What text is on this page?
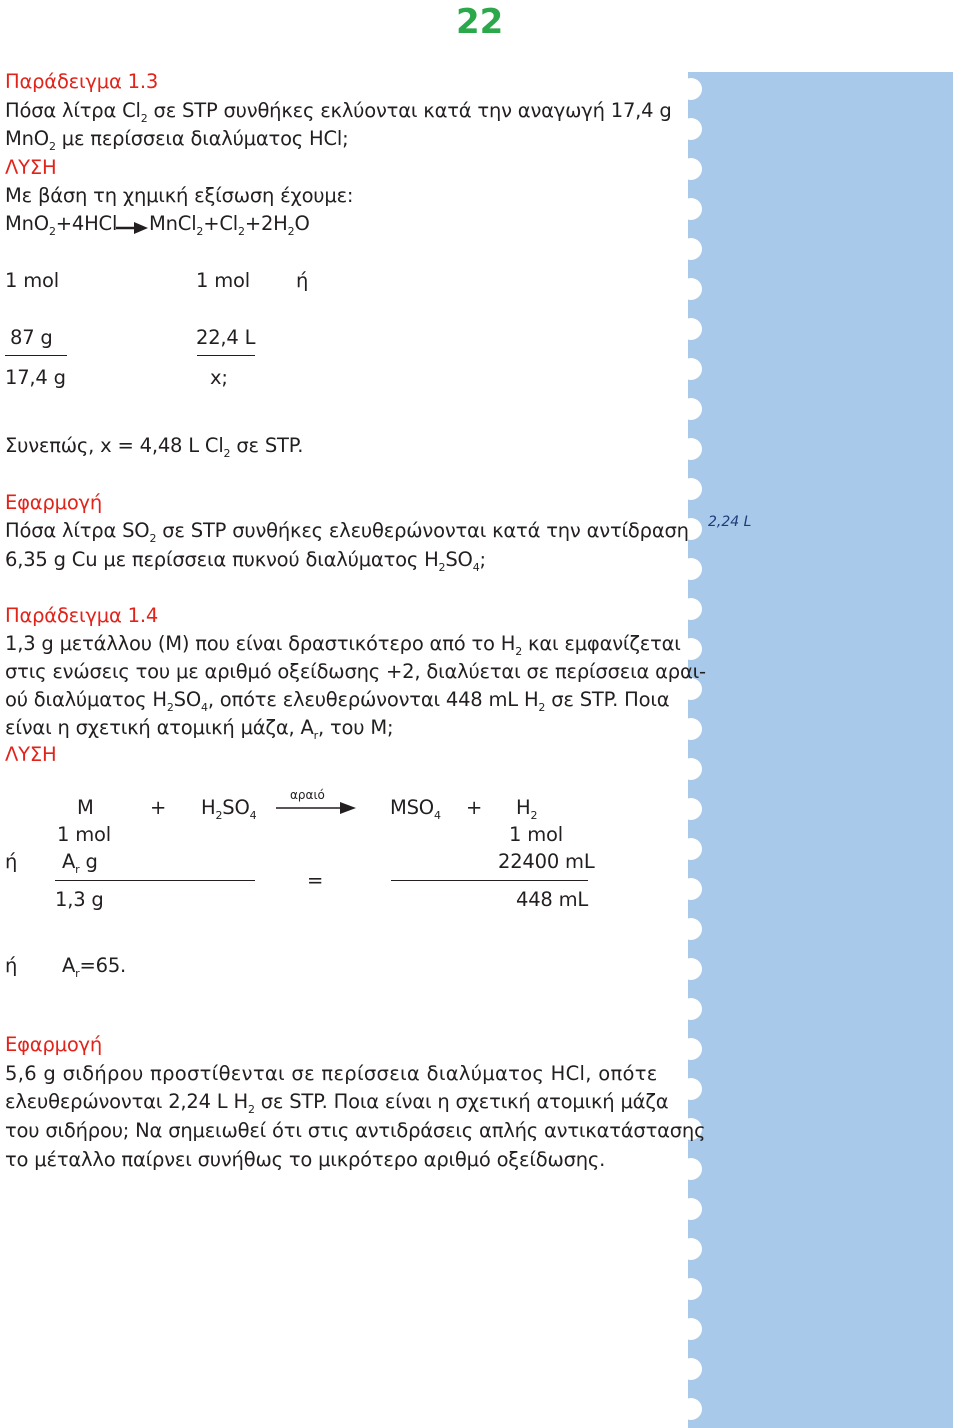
22
2,24 L
Παράδειγμα 1.3
Πόσα λίτρα $Cl_2$ σε STP συνθήκες εκλύονται κατά την αναγωγή 17,4 g
MnO$_2$ με περίσσεια διαλύματος HCl;
ΛΥΣΗ
Με βάση τη χημική εξίσωση έχουμε:
$MnO_2+4HCl \to MnCl_2+Cl_2+2H_2O$
1 mol	1 mol ή
87 g	22,4 L
17,4 g	x;
Συνεπώς, x = 4,48 L $Cl_2$ σε STP.
Εφαρμογή
Πόσα λίτρα $SO_2$ σε STP συνθήκες ελευθερώνονται κατά την αντίδραση
6,35 g Cu με περίσσεια πυκνού διαλύματος $H_2SO_4$;
Παράδειγμα 1.4
1,3 g μετάλλου (Μ) που είναι δραστικότερο από το $H_2$ και εμφανίζεται
στις ενώσεις του με αριθμό οξείδωσης +2, διαλύεται σε περίσσεια αραι-
ού διαλύματος $H_2SO_4$, οπότε ελευθερώνονται 448 mL $H_2$ σε STP. Ποια
είναι η σχετική ατομική μάζα, $A_r$, του Μ;
ΛΥΣΗ
M	+ $H_2SO_4$
αραιό
$MSO_4 + H_2$
1 mol	1 mol
ή $A_r$ g	22400 mL
=
1,3 g	448 mL
ή $A_r=65$.
Εφαρμογή
5,6 g σιδήρου προστίθενται σε περίσσεια διαλύματος HCl, οπότε
ελευθερώνονται 2,24 L $H_2$ σε STP. Ποια είναι η σχετική ατομική μάζα
του σιδήρου; Να σημειωθεί ότι στις αντιδράσεις απλής αντικατάστασης
το μέταλλο παίρνει συνήθως το μικρότερο αριθμό οξείδωσης.
